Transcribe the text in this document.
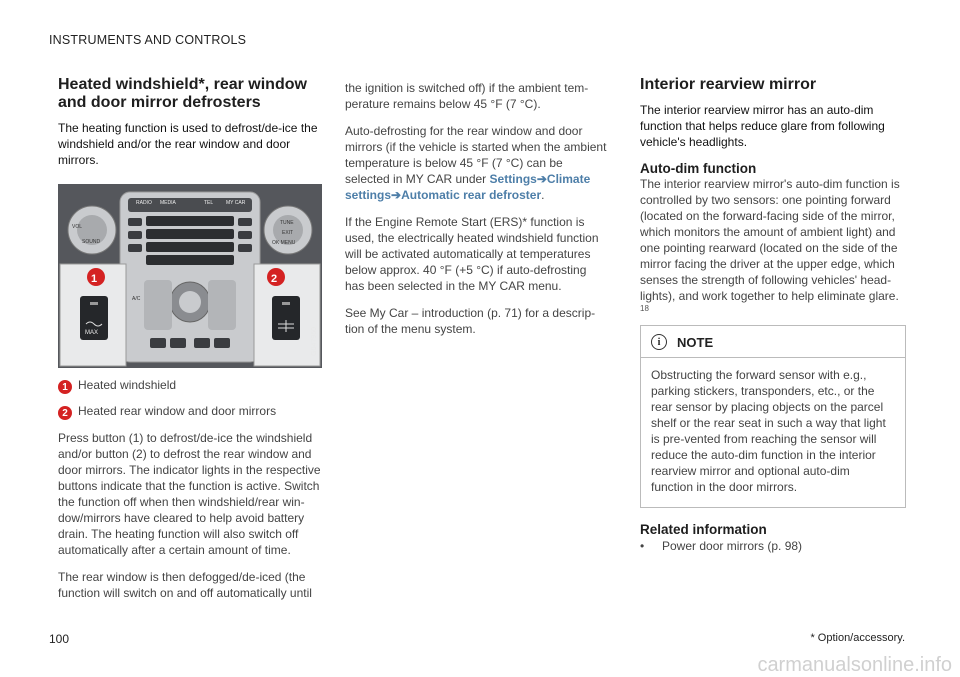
INSTRUMENTS AND CONTROLS
Heated windshield*, rear window and door mirror defrosters

The heating function is used to defrost/de-ice the windshield and/or the rear window and door mirrors.

1	2
MAX
RADIO MEDIA	TEL	MY CAR
SOUND
VOL
TUNE
EXIT
OK MENU
A/C
G047960
1 Heated windshield
2 Heated rear window and door mirrors

Press button (1) to defrost/de-ice the windshield and/or button (2) to defrost the rear window and door mirrors. The indicator lights in the respective buttons indicate that the function is active. Switch the function off when then windshield/rear win-dow/mirrors have cleared to help avoid battery drain. The heating function will also switch off automatically after a certain amount of time.

The rear window is then defogged/de-iced (the function will switch on and off automatically until

the ignition is switched off) if the ambient tem-perature remains below 45 °F (7 °C).

Auto-defrosting for the rear window and door mirrors (if the vehicle is started when the ambient temperature is below 45 °F (7 °C) can be selected in MY CAR under Settings➔Climate settings➔Automatic rear defroster.

If the Engine Remote Start (ERS)* function is used, the electrically heated windshield function will be activated automatically at temperatures below approx. 40 °F (+5 °C) if auto-defrosting has been selected in the MY CAR menu.

See My Car – introduction (p. 71) for a descrip-tion of the menu system.

Interior rearview mirror

The interior rearview mirror has an auto-dim function that helps reduce glare from following vehicle's headlights.

Auto-dim function

The interior rearview mirror's auto-dim function is controlled by two sensors: one pointing forward (located on the forward-facing side of the mirror, which monitors the amount of ambient light) and one pointing rearward (located on the side of the mirror facing the driver at the upper edge, which senses the strength of following vehicles' head-lights), and work together to help eliminate glare.

18
i	NOTE
Obstructing the forward sensor with e.g., parking stickers, transponders, etc., or the rear sensor by placing objects on the parcel shelf or the rear seat in such a way that light is pre-vented from reaching the sensor will reduce the auto-dim function in the interior rearview mirror and optional auto-dim function in the door mirrors.
Related information
•	Power door mirrors (p. 98)
100	* Option/accessory.
carmanualsonline.info
